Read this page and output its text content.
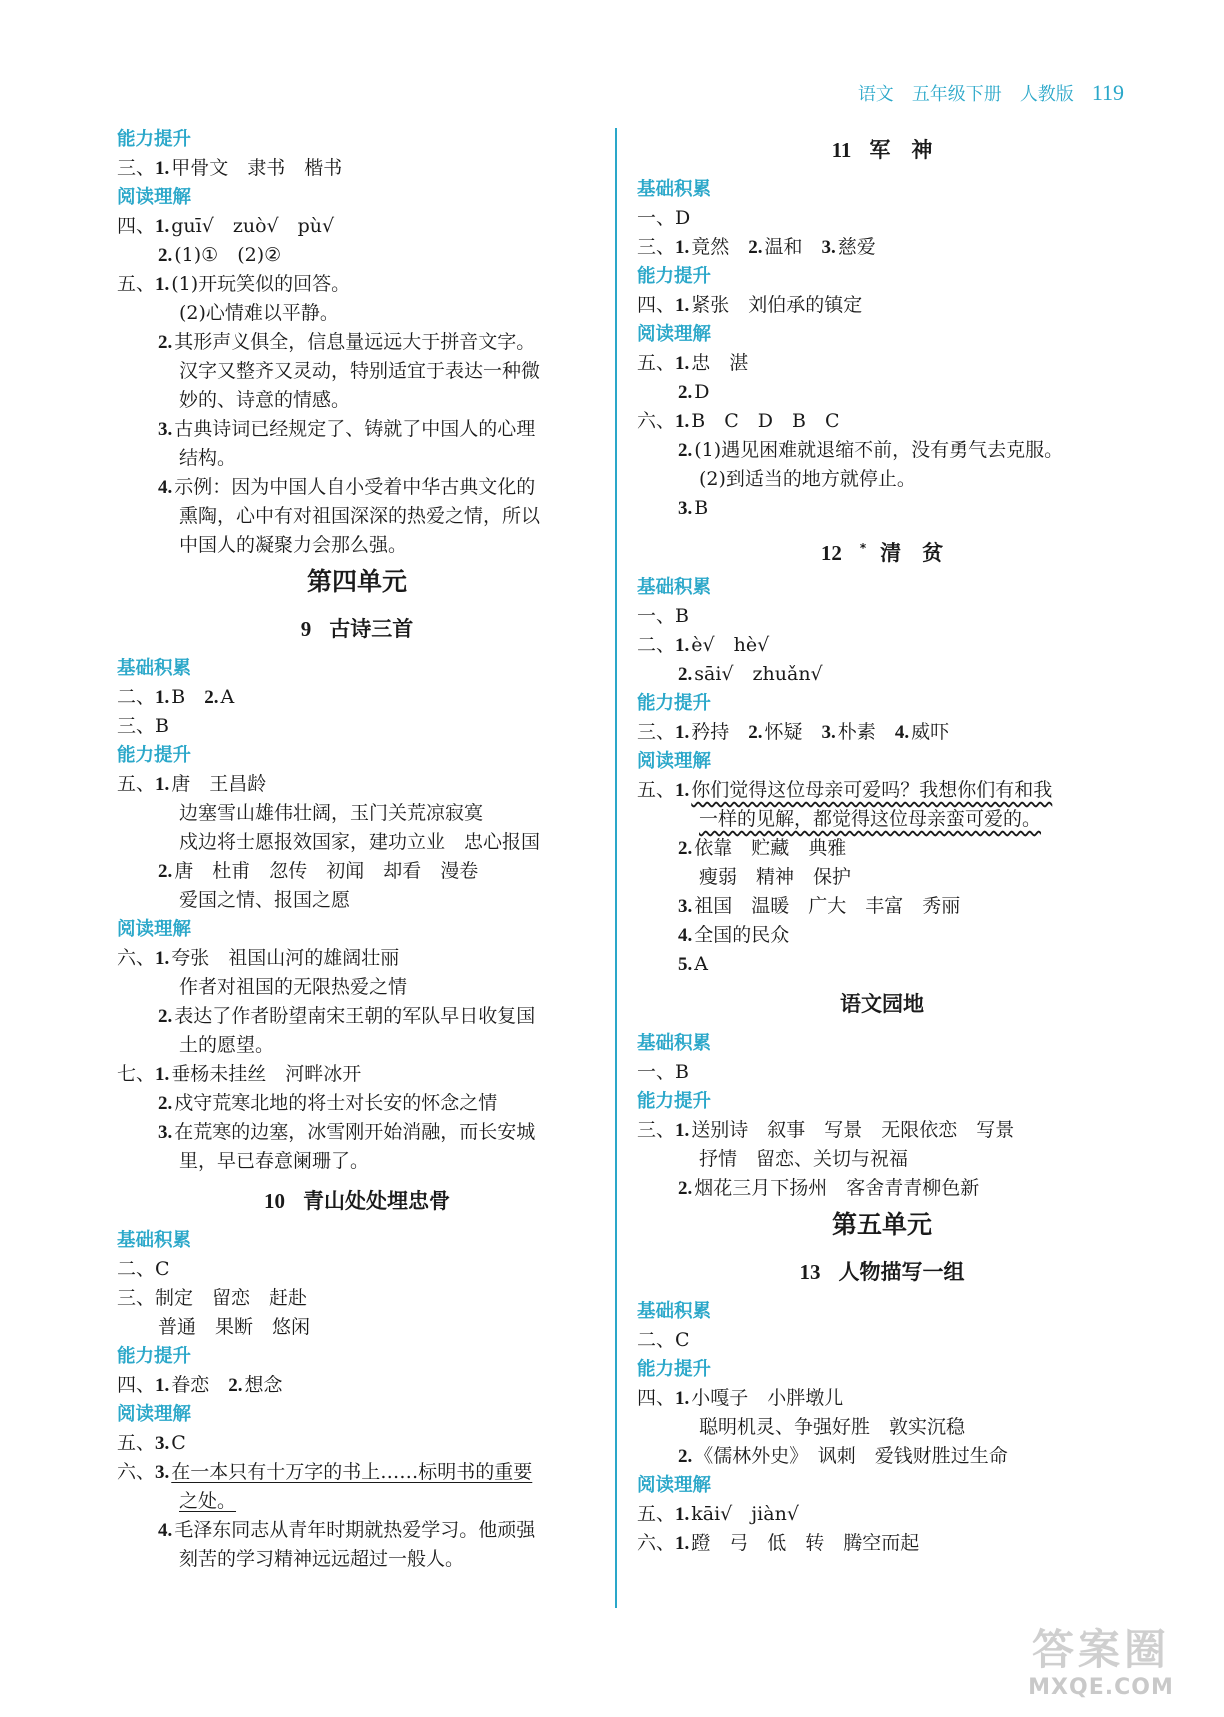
语文 五年级下册 人教版 119
能力提升
三、1. 甲骨文　隶书　楷书
阅读理解
四、1. guī√　zuò√　pù√
2. (1)①　(2)②
五、1. (1)开玩笑似的回答。
(2)心情难以平静。
2. 其形声义俱全，信息量远远大于拼音文字。
汉字又整齐又灵动，特别适宜于表达一种微
妙的、诗意的情感。
3. 古典诗词已经规定了、铸就了中国人的心理
结构。
4. 示例：因为中国人自小受着中华古典文化的
熏陶，心中有对祖国深深的热爱之情，所以
中国人的凝聚力会那么强。
第四单元
9 古诗三首
基础积累
二、1. B　2. A
三、B
能力提升
五、1. 唐　王昌龄
边塞雪山雄伟壮阔，玉门关荒凉寂寞
戍边将士愿报效国家，建功立业　忠心报国
2. 唐　杜甫　忽传　初闻　却看　漫卷
爱国之情、报国之愿
阅读理解
六、1. 夸张　祖国山河的雄阔壮丽
作者对祖国的无限热爱之情
2. 表达了作者盼望南宋王朝的军队早日收复国
土的愿望。
七、1. 垂杨未挂丝　河畔冰开
2. 戍守荒寒北地的将士对长安的怀念之情
3. 在荒寒的边塞，冰雪刚开始消融，而长安城
里，早已春意阑珊了。
10 青山处处埋忠骨
基础积累
二、C
三、制定　留恋　赶赴
普通　果断　悠闲
能力提升
四、1. 眷恋　2. 想念
阅读理解
五、3. C
六、3. 在一本只有十万字的书上……标明书的重要
之处。
4. 毛泽东同志从青年时期就热爱学习。他顽强
刻苦的学习精神远远超过一般人。
11 军　神
基础积累
一、D
三、1. 竟然　2. 温和　3. 慈爱
能力提升
四、1. 紧张　刘伯承的镇定
阅读理解
五、1. 忠　湛
2. D
六、1. B　C　D　B　C
2. (1)遇见困难就退缩不前，没有勇气去克服。
(2)到适当的地方就停止。
3. B
12 * 清　贫
基础积累
一、B
二、1. è√　hè√
2. sāi√　zhuǎn√
能力提升
三、1. 矜持　2. 怀疑　3. 朴素　4. 威吓
阅读理解
五、1. 你们觉得这位母亲可爱吗？我想你们有和我
一样的见解，都觉得这位母亲蛮可爱的。
2. 依靠　贮藏　典雅
瘦弱　精神　保护
3. 祖国　温暖　广大　丰富　秀丽
4. 全国的民众
5. A
语文园地
基础积累
一、B
能力提升
三、1. 送别诗　叙事　写景　无限依恋　写景
抒情　留恋、关切与祝福
2. 烟花三月下扬州　客舍青青柳色新
第五单元
13 人物描写一组
基础积累
二、C
能力提升
四、1. 小嘎子　小胖墩儿
聪明机灵、争强好胜　敦实沉稳
2. 《儒林外史》　讽刺　爱钱财胜过生命
阅读理解
五、1. kāi√　jiàn√
六、1. 蹬　弓　低　转　腾空而起
答案圈
MXQE.COM
